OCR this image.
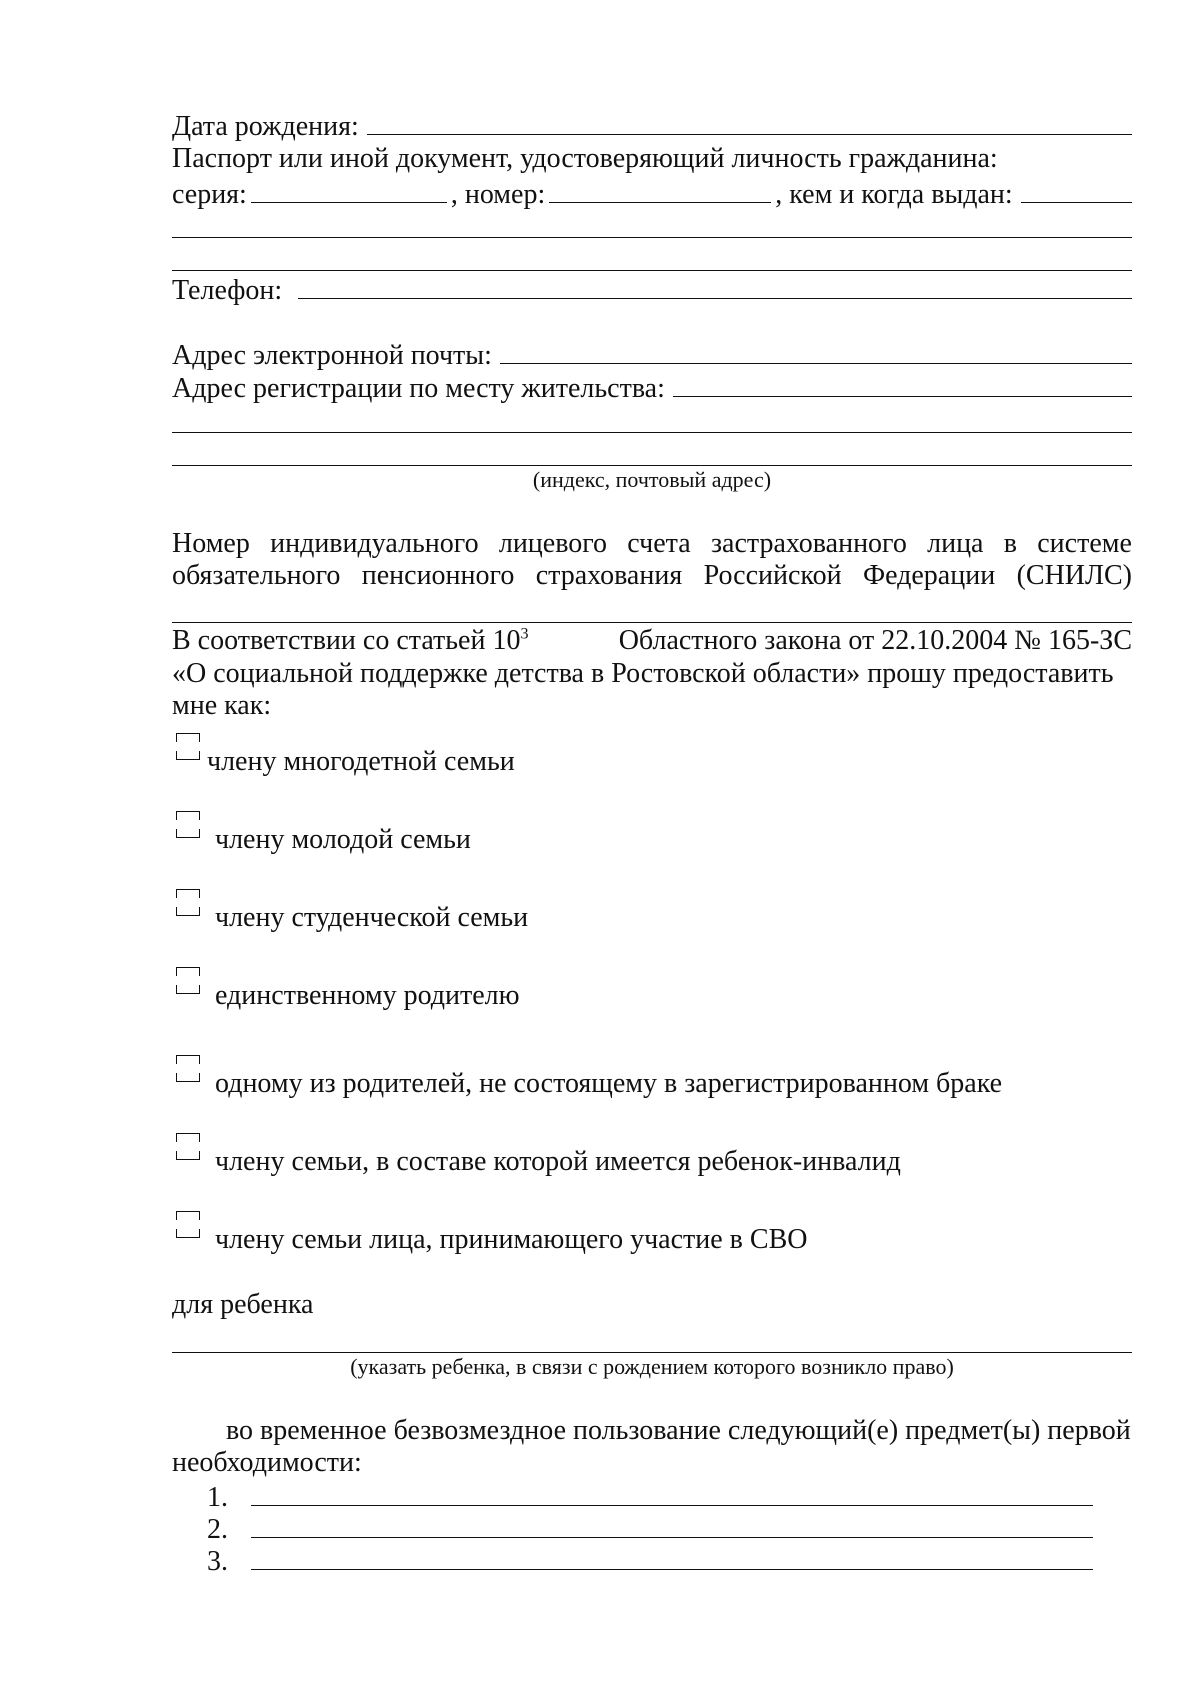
Дата рождения:
Паспорт или иной документ, удостоверяющий личность гражданина:
серия:	, номер:	, кем и когда выдан:
Телефон:
Адрес электронной почты:
Адрес регистрации по месту жительства:
(индекс, почтовый адрес)
Номер индивидуального лицевого счета застрахованного лица в системе
обязательного пенсионного страхования Российской Федерации (СНИЛС)
В соответствии со статьей $10^3$	Областного закона от 22.10.2004 № 165-ЗС
«О социальной поддержке детства в Ростовской области» прошу предоставить
мне как:
членy многодетной семьи
члену молодой семьи
члену студенческой семьи
единственному родителю
одному из родителей, не состоящему в зарегистрированном браке
члену семьи, в составе которой имеется ребенок-инвалид
члену семьи лица, принимающего участие в СВО
для ребенка
(указать ребенка, в связи с рождением которого возникло право)
во временное безвозмездное пользование следующий(е) предмет(ы) первой
необходимости:
1.
2.
3.
